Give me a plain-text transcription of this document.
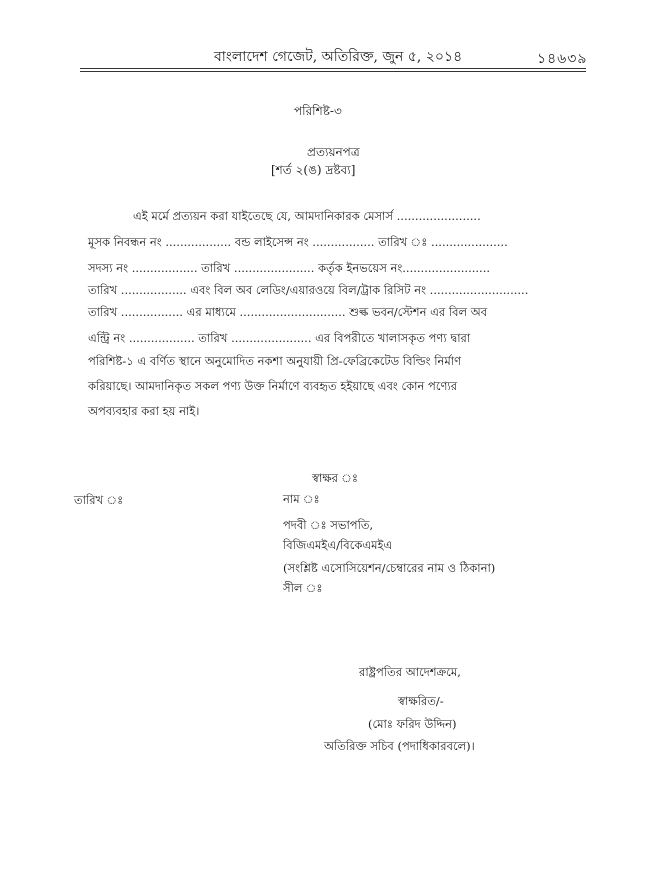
বাংলাদেশ গেজেট, অতিরিক্ত, জুন ৫, ২০১৪	১৪৬৩৯
পরিশিষ্ট-৩
প্রত্যয়নপত্র
[শর্ত ২(ঙ) দ্রষ্টব্য]
এই মর্মে প্রত্যয়ন করা যাইতেছে যে, আমদানিকারক মেসার্স .......................
মূসক নিবন্ধন নং .................. বন্ড লাইসেন্স নং ................. তারিখ ঃ .....................
সদস্য নং .................. তারিখ ...................... কর্তৃক ইনভয়েস নং........................
তারিখ .................. এবং বিল অব লেডিং/এয়ারওয়ে বিল/ট্রাক রিসিট নং ...........................
তারিখ ................. এর মাধ্যমে ............................. শুল্ক ভবন/স্টেশন এর বিল অব
এন্ট্রি নং .................. তারিখ ...................... এর বিপরীতে খালাসকৃত পণ্য দ্বারা
পরিশিষ্ট-১ এ বর্ণিত স্থানে অনুমোদিত নকশা অনুযায়ী প্রি-ফেব্রিকেটেড বিল্ডিং নির্মাণ
করিয়াছে। আমদানিকৃত সকল পণ্য উক্ত নির্মাণে ব্যবহৃত হইয়াছে এবং কোন পণ্যের
অপব্যবহার করা হয় নাই।
স্বাক্ষর ঃ
তারিখ ঃ	নাম ঃ
পদবী ঃ সভাপতি,
বিজিএমইএ/বিকেএমইএ
(সংশ্লিষ্ট এসোসিয়েশন/চেম্বারের নাম ও ঠিকানা)
সীল ঃ
রাষ্ট্রপতির আদেশক্রমে,
স্বাক্ষরিত/-
(মোঃ ফরিদ উদ্দিন)
অতিরিক্ত সচিব (পদাধিকারবলে)।
